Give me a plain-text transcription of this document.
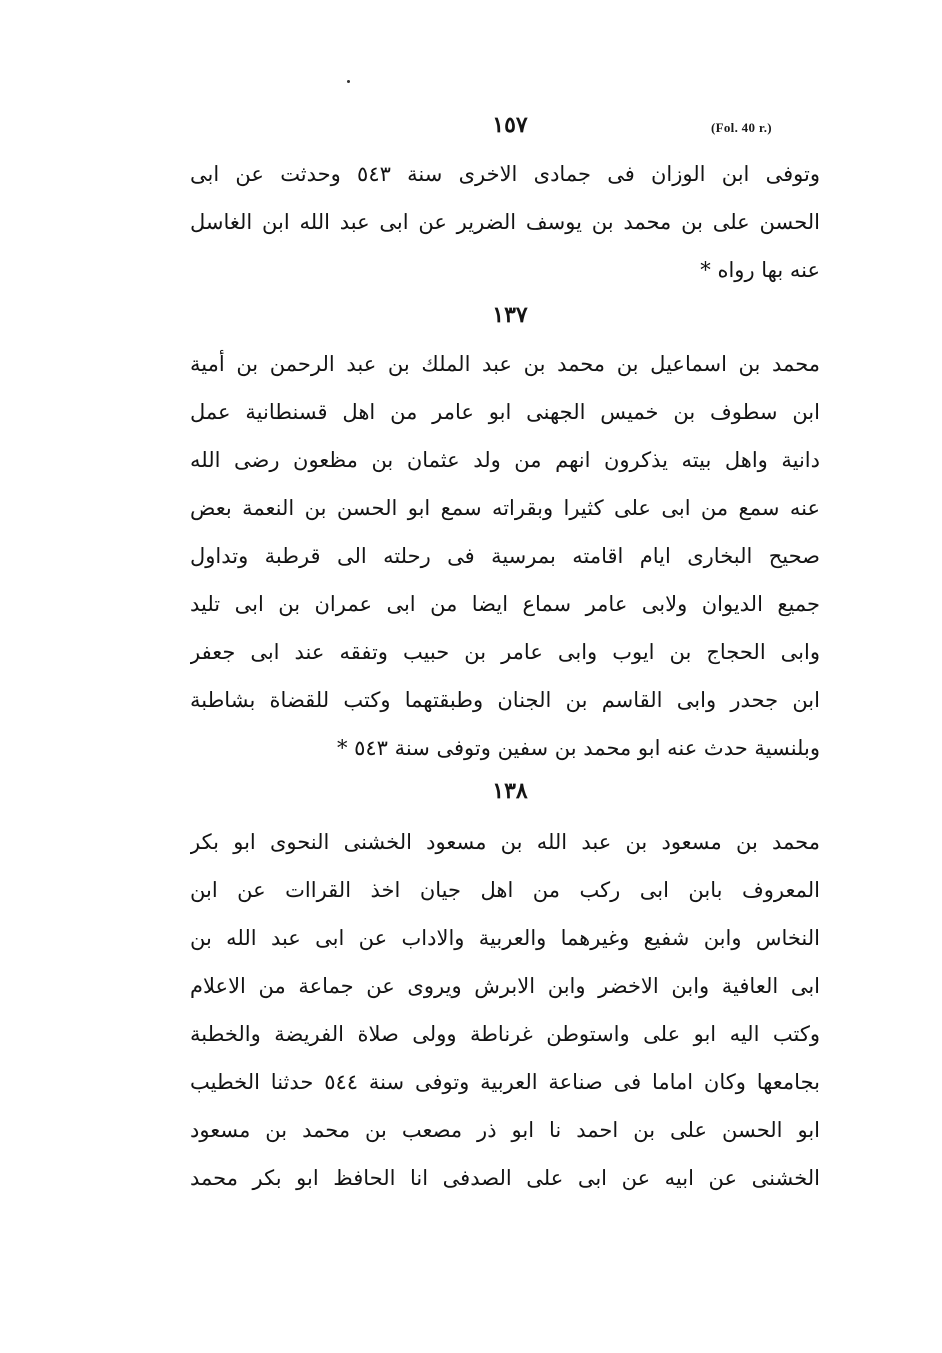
١٥٧	(Fol. 40 r.)
وتوفى ابن الوزان فى جمادى الاخرى سنة ٥٤٣ وحدثت عن ابى
الحسن على بن محمد بن يوسف الضرير عن ابى عبد الله ابن الغاسل
عنه بها رواه *
١٣٧
محمد بن اسماعيل بن محمد بن عبد الملك بن عبد الرحمن بن أمية
ابن سطوف بن خميس الجهنى ابو عامر من اهل قسنطانية عمل
دانية واهل بيته يذكرون انهم من ولد عثمان بن مظعون رضى الله
عنه سمع من ابى على كثيرا وبقراته سمع ابو الحسن بن النعمة بعض
صحيح البخارى ايام اقامته بمرسية فى رحلته الى قرطبة وتداول
جميع الديوان ولابى عامر سماع ايضا من ابى عمران بن ابى تليد
وابى الحجاج بن ايوب وابى عامر بن حبيب وتفقه عند ابى جعفر
ابن جحدر وابى القاسم بن الجنان وطبقتهما وكتب للقضاة بشاطبة
وبلنسية حدث عنه ابو محمد بن سفين وتوفى سنة ٥٤٣ *
١٣٨
محمد بن مسعود بن عبد الله بن مسعود الخشنى النحوى ابو بكر
المعروف بابن ابى ركب من اهل جيان اخذ القراات عن ابن
النخاس وابن شفيع وغيرهما والعربية والاداب عن ابى عبد الله بن
ابى العافية وابن الاخضر وابن الابرش ويروى عن جماعة من الاعلام
وكتب اليه ابو على واستوطن غرناطة وولى صلاة الفريضة والخطبة
بجامعها وكان اماما فى صناعة العربية وتوفى سنة ٥٤٤ حدثنا الخطيب
ابو الحسن على بن احمد نا ابو ذر مصعب بن محمد بن مسعود
الخشنى عن ابيه عن ابى على الصدفى انا الحافظ ابو بكر محمد
